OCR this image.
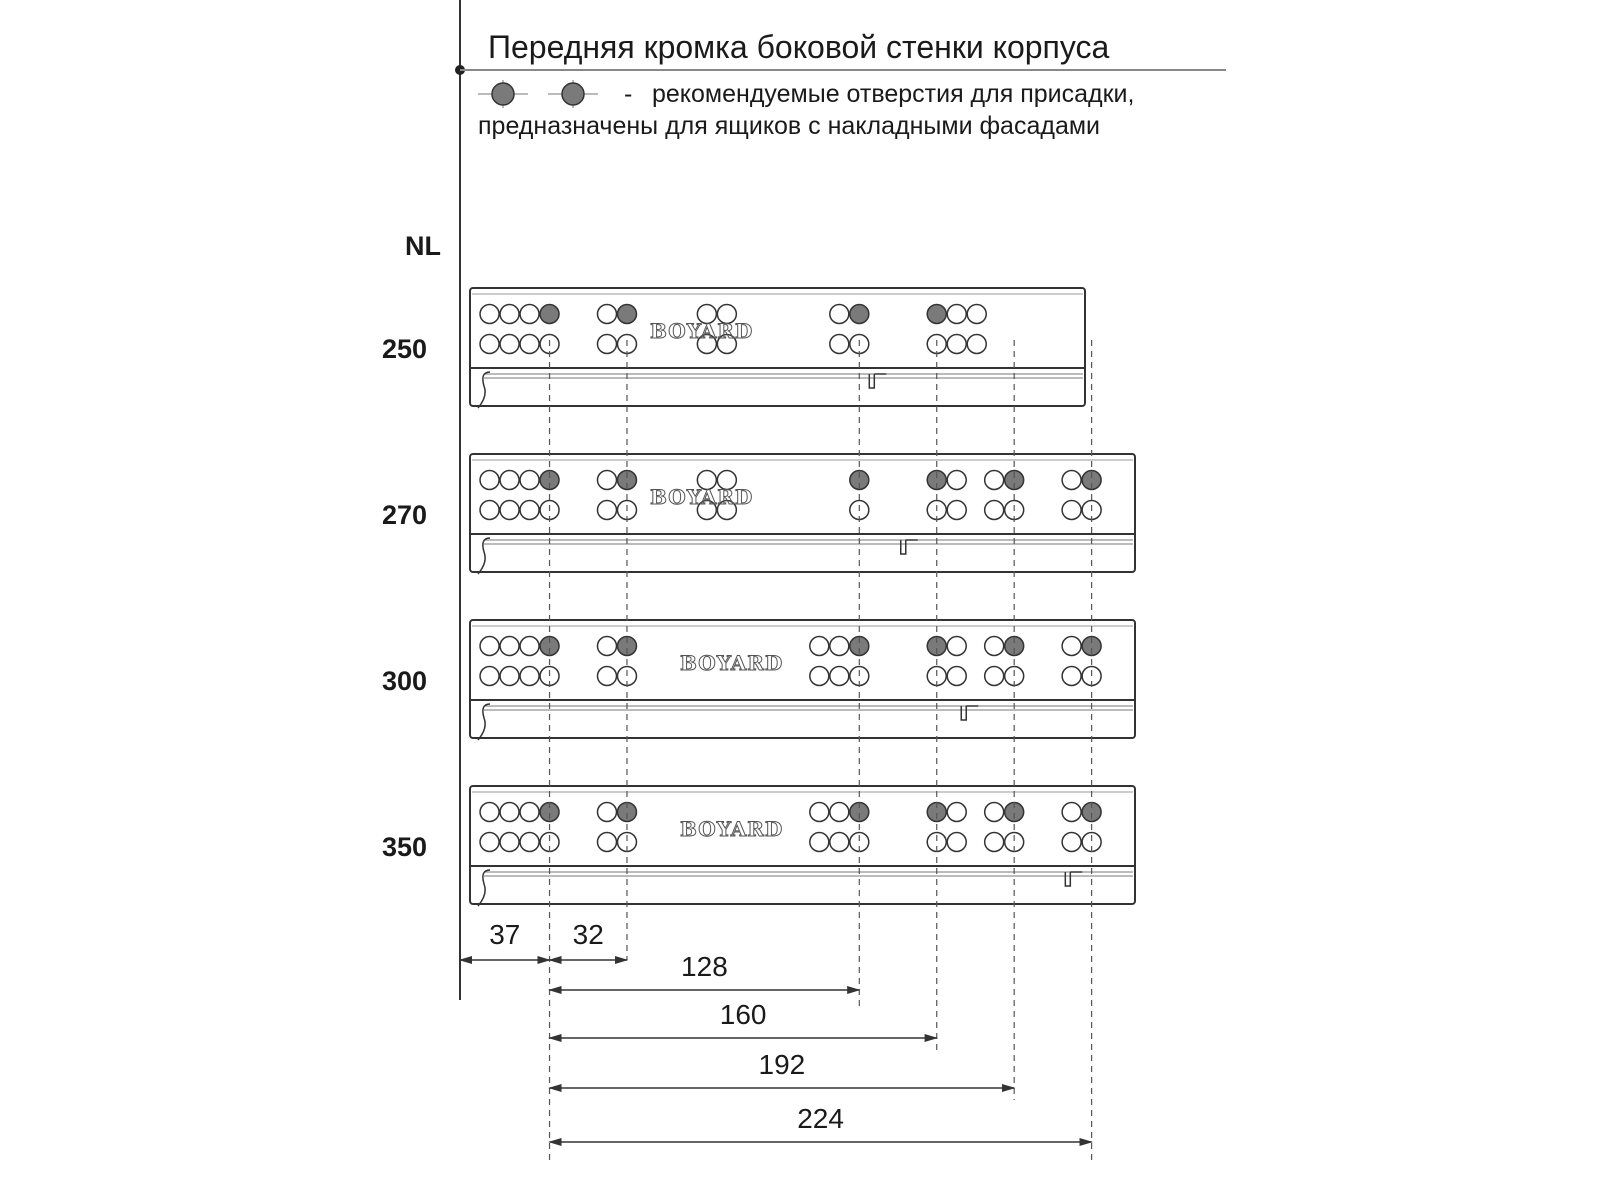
Передняя кромка боковой стенки корпуса
- рекомендуемые отверстия для присадки,
предназначены для ящиков с накладными фасадами
NL
250
BOYARD
270
BOYARD
300
BOYARD
350
BOYARD
37 32
128
160
192
224
